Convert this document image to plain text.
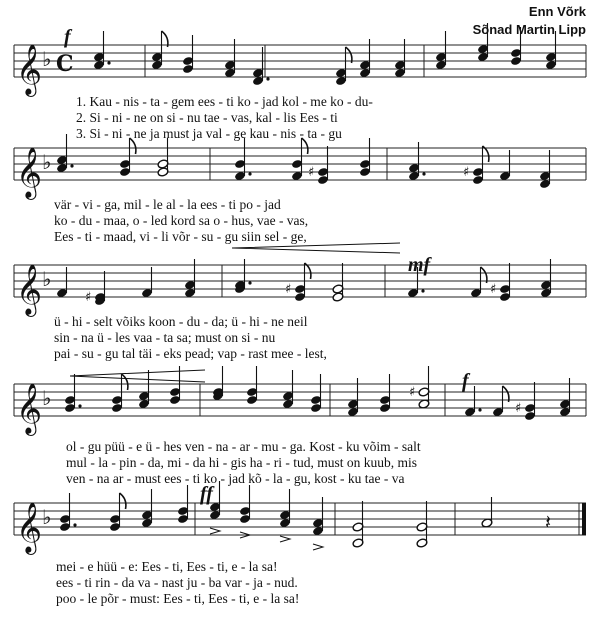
Enn Võrk
Sõnad Martin Lipp
𝄞 ♭ C
𝄞 ♭
𝄞 ♭
𝄞 ♭
𝄞 ♭
♯	♯
♯
♯	♯
♯
♯
𝄽
f
mf
f
ff
1. Kau - nis - ta - gem ees - ti ko - jad kol - me ko - du-
2. Si - ni - ne on si - nu tae - vas, kal - lis Ees - ti
3. Si - ni - ne ja must ja val - ge kau - nis - ta - gu
vär - vi - ga, mil - le al - la ees - ti po - jad
ko - du - maa, o - led kord sa o - hus, vae - vas,
Ees - ti - maad, vi - li võr - su - gu siin sel - ge,
ü - hi - selt võiks koon - du - da; ü - hi - ne neil
sin - na ü - les vaa - ta sa; must on si - nu
pai - su - gu tal täi - eks pead; vap - rast mee - lest,
ol - gu püü - e ü - hes ven - na - ar - mu - ga. Kost - ku võim - salt
mul - la - pin - da, mi - da hi - gis ha - ri - tud, must on kuub, mis
ven - na ar - must ees - ti ko - jad kõ - la - gu, kost - ku tae - va
mei - e hüü - e: Ees - ti, Ees - ti, e - la sa!
ees - ti rin - da va - nast ju - ba var - ja - nud.
poo - le põr - must: Ees - ti, Ees - ti, e - la sa!
